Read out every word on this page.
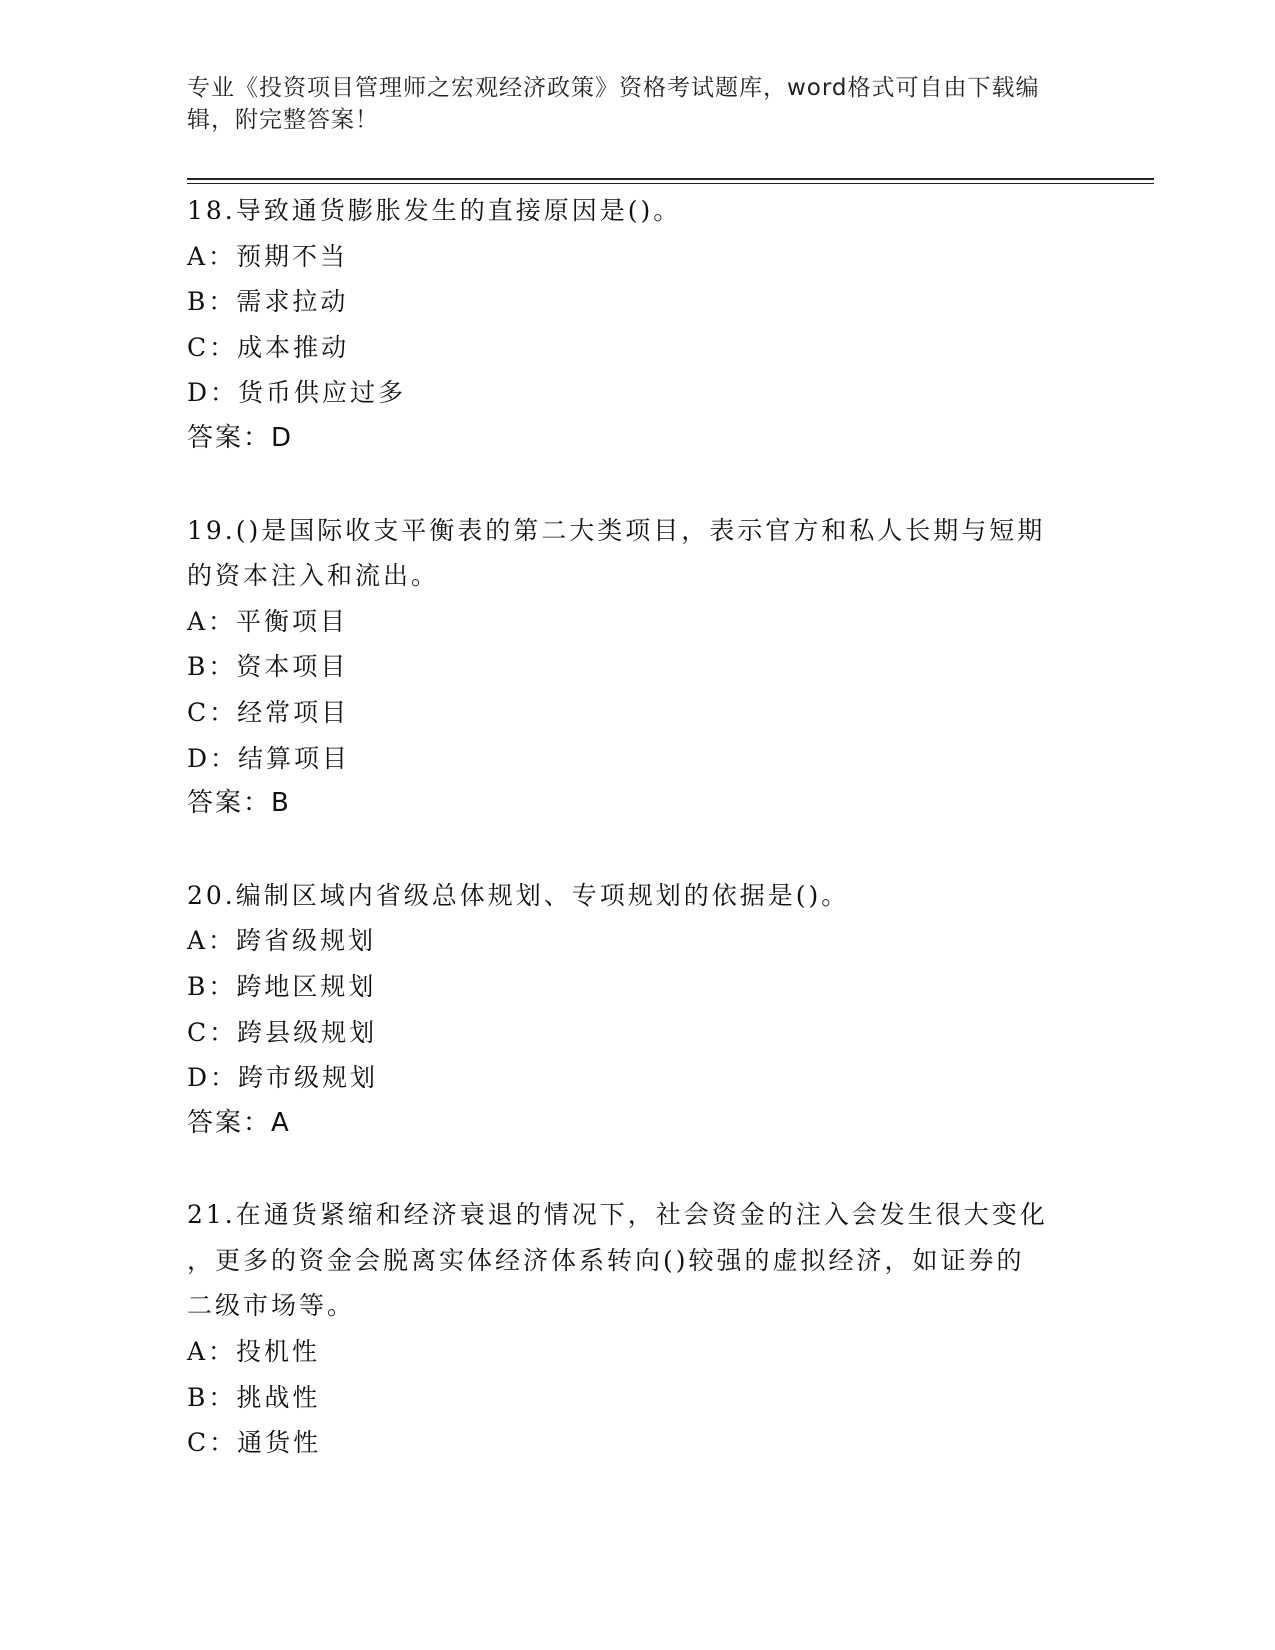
专业《投资项目管理师之宏观经济政策》资格考试题库，word格式可自由下载编
辑，附完整答案！
18.导致通货膨胀发生的直接原因是()。
A：预期不当
B：需求拉动
C：成本推动
D：货币供应过多
答案：D
19.()是国际收支平衡表的第二大类项目，表示官方和私人长期与短期
的资本注入和流出。
A：平衡项目
B：资本项目
C：经常项目
D：结算项目
答案：B
20.编制区域内省级总体规划、专项规划的依据是()。
A：跨省级规划
B：跨地区规划
C：跨县级规划
D：跨市级规划
答案：A
21.在通货紧缩和经济衰退的情况下，社会资金的注入会发生很大变化
，更多的资金会脱离实体经济体系转向()较强的虚拟经济，如证券的
二级市场等。
A：投机性
B：挑战性
C：通货性
